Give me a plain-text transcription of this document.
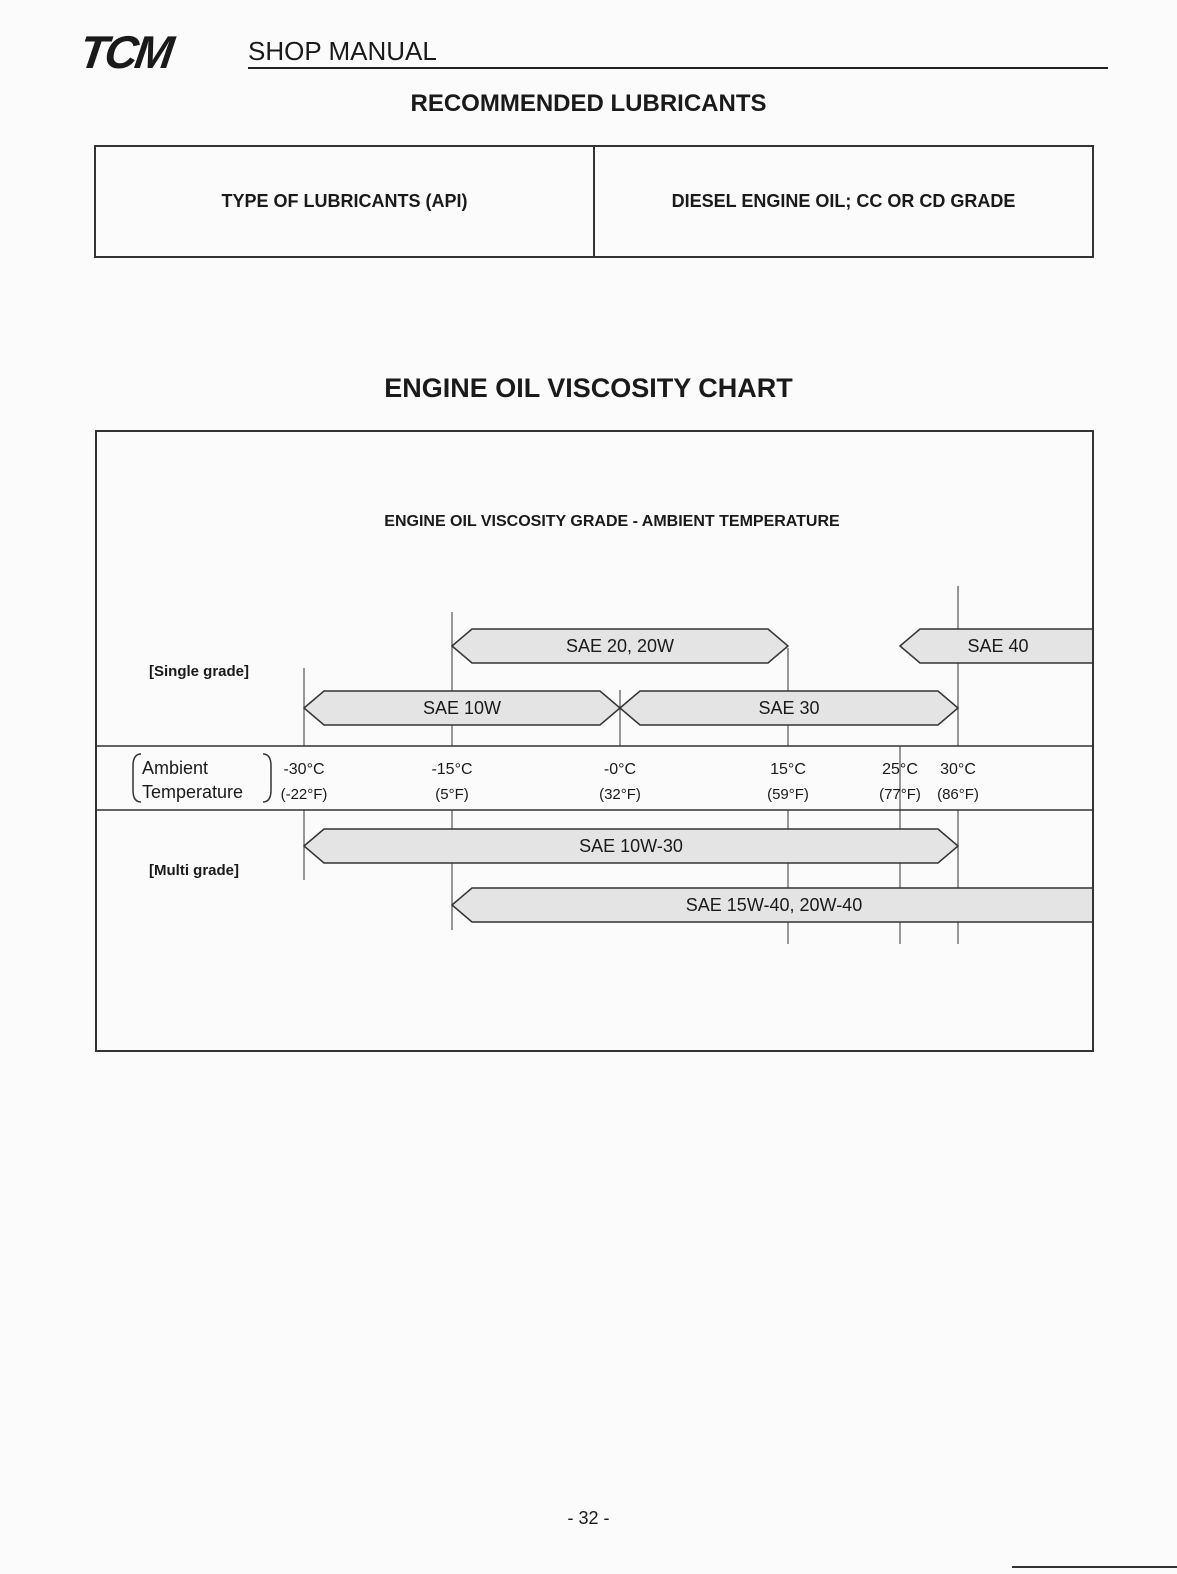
TCM	SHOP MANUAL
RECOMMENDED LUBRICANTS
TYPE OF LUBRICANTS (API)	DIESEL ENGINE OIL; CC OR CD GRADE
ENGINE OIL VISCOSITY CHART
ENGINE OIL VISCOSITY GRADE - AMBIENT TEMPERATURE
Ambient
Temperature
-30°C
(-22°F)
-15°C
(5°F)
-0°C
(32°F)
15°C
(59°F)
25°C
(77°F)
30°C
(86°F)
[Single grade]
[Multi grade]
SAE 20, 20W	SAE 40
SAE 10W	SAE 30
SAE 10W-30
SAE 15W-40, 20W-40
- 32 -
